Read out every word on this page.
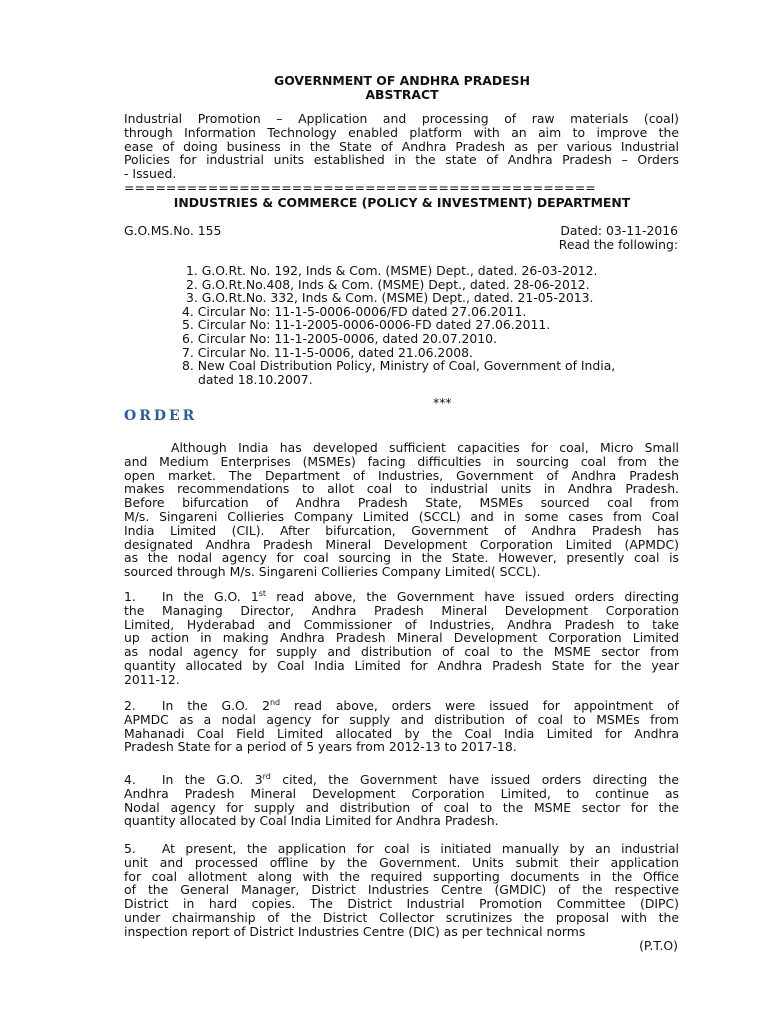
GOVERNMENT OF ANDHRA PRADESH
ABSTRACT
Industrial Promotion – Application and processing of raw materials (coal)
through Information Technology enabled platform with an aim to improve the
ease of doing business in the State of Andhra Pradesh as per various Industrial
Policies for industrial units established in the state of Andhra Pradesh – Orders
- Issued.
=============================================
INDUSTRIES & COMMERCE (POLICY & INVESTMENT) DEPARTMENT
G.O.MS.No. 155	Dated: 03-11-2016
Read the following:
1. G.O.Rt. No. 192, Inds & Com. (MSME) Dept., dated. 26-03-2012.
2. G.O.Rt.No.408, Inds & Com. (MSME) Dept., dated. 28-06-2012.
3. G.O.Rt.No. 332, Inds & Com. (MSME) Dept., dated. 21-05-2013.
4. Circular No: 11-1-5-0006-0006/FD dated 27.06.2011.
5. Circular No: 11-1-2005-0006-0006-FD dated 27.06.2011.
6. Circular No: 11-1-2005-0006, dated 20.07.2010.
7. Circular No. 11-1-5-0006, dated 21.06.2008.
8. New Coal Distribution Policy, Ministry of Coal, Government of India,
dated 18.10.2007.
***
ORDER
Although India has developed sufficient capacities for coal, Micro Small
and Medium Enterprises (MSMEs) facing difficulties in sourcing coal from the
open market. The Department of Industries, Government of Andhra Pradesh
makes recommendations to allot coal to industrial units in Andhra Pradesh.
Before bifurcation of Andhra Pradesh State, MSMEs sourced coal from
M/s. Singareni Collieries Company Limited (SCCL) and in some cases from Coal
India Limited (CIL). After bifurcation, Government of Andhra Pradesh has
designated Andhra Pradesh Mineral Development Corporation Limited (APMDC)
as the nodal agency for coal sourcing in the State. However, presently coal is
sourced through M/s. Singareni Collieries Company Limited( SCCL).
1. In the G.O. 1st read above, the Government have issued orders directing
the Managing Director, Andhra Pradesh Mineral Development Corporation
Limited, Hyderabad and Commissioner of Industries, Andhra Pradesh to take
up action in making Andhra Pradesh Mineral Development Corporation Limited
as nodal agency for supply and distribution of coal to the MSME sector from
quantity allocated by Coal India Limited for Andhra Pradesh State for the year
2011-12.
2. In the G.O. 2nd read above, orders were issued for appointment of
APMDC as a nodal agency for supply and distribution of coal to MSMEs from
Mahanadi Coal Field Limited allocated by the Coal India Limited for Andhra
Pradesh State for a period of 5 years from 2012-13 to 2017-18.
4. In the G.O. 3rd cited, the Government have issued orders directing the
Andhra Pradesh Mineral Development Corporation Limited, to continue as
Nodal agency for supply and distribution of coal to the MSME sector for the
quantity allocated by Coal India Limited for Andhra Pradesh.
5. At present, the application for coal is initiated manually by an industrial
unit and processed offline by the Government. Units submit their application
for coal allotment along with the required supporting documents in the Office
of the General Manager, District Industries Centre (GMDIC) of the respective
District in hard copies. The District Industrial Promotion Committee (DIPC)
under chairmanship of the District Collector scrutinizes the proposal with the
inspection report of District Industries Centre (DIC) as per technical norms
(P.T.O)
